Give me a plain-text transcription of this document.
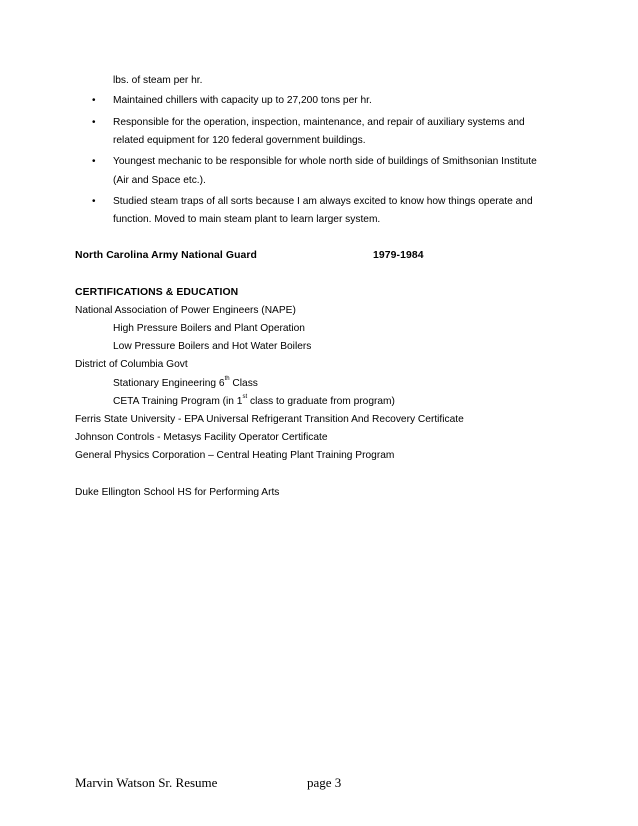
lbs. of steam per hr.
• Maintained chillers with capacity up to 27,200 tons per hr.
• Responsible for the operation, inspection, maintenance, and repair of auxiliary systems and
related equipment for 120 federal government buildings.
• Youngest mechanic to be responsible for whole north side of buildings of Smithsonian Institute
(Air and Space etc.).
• Studied steam traps of all sorts because I am always excited to know how things operate and
function. Moved to main steam plant to learn larger system.
North Carolina Army National Guard	1979-1984
CERTIFICATIONS & EDUCATION
National Association of Power Engineers (NAPE)
High Pressure Boilers and Plant Operation
Low Pressure Boilers and Hot Water Boilers
District of Columbia Govt
Stationary Engineering 6th Class
CETA Training Program (in 1st class to graduate from program)
Ferris State University - EPA Universal Refrigerant Transition And Recovery Certificate
Johnson Controls - Metasys Facility Operator Certificate
General Physics Corporation – Central Heating Plant Training Program
Duke Ellington School HS for Performing Arts
Marvin Watson Sr. Resume	page 3
